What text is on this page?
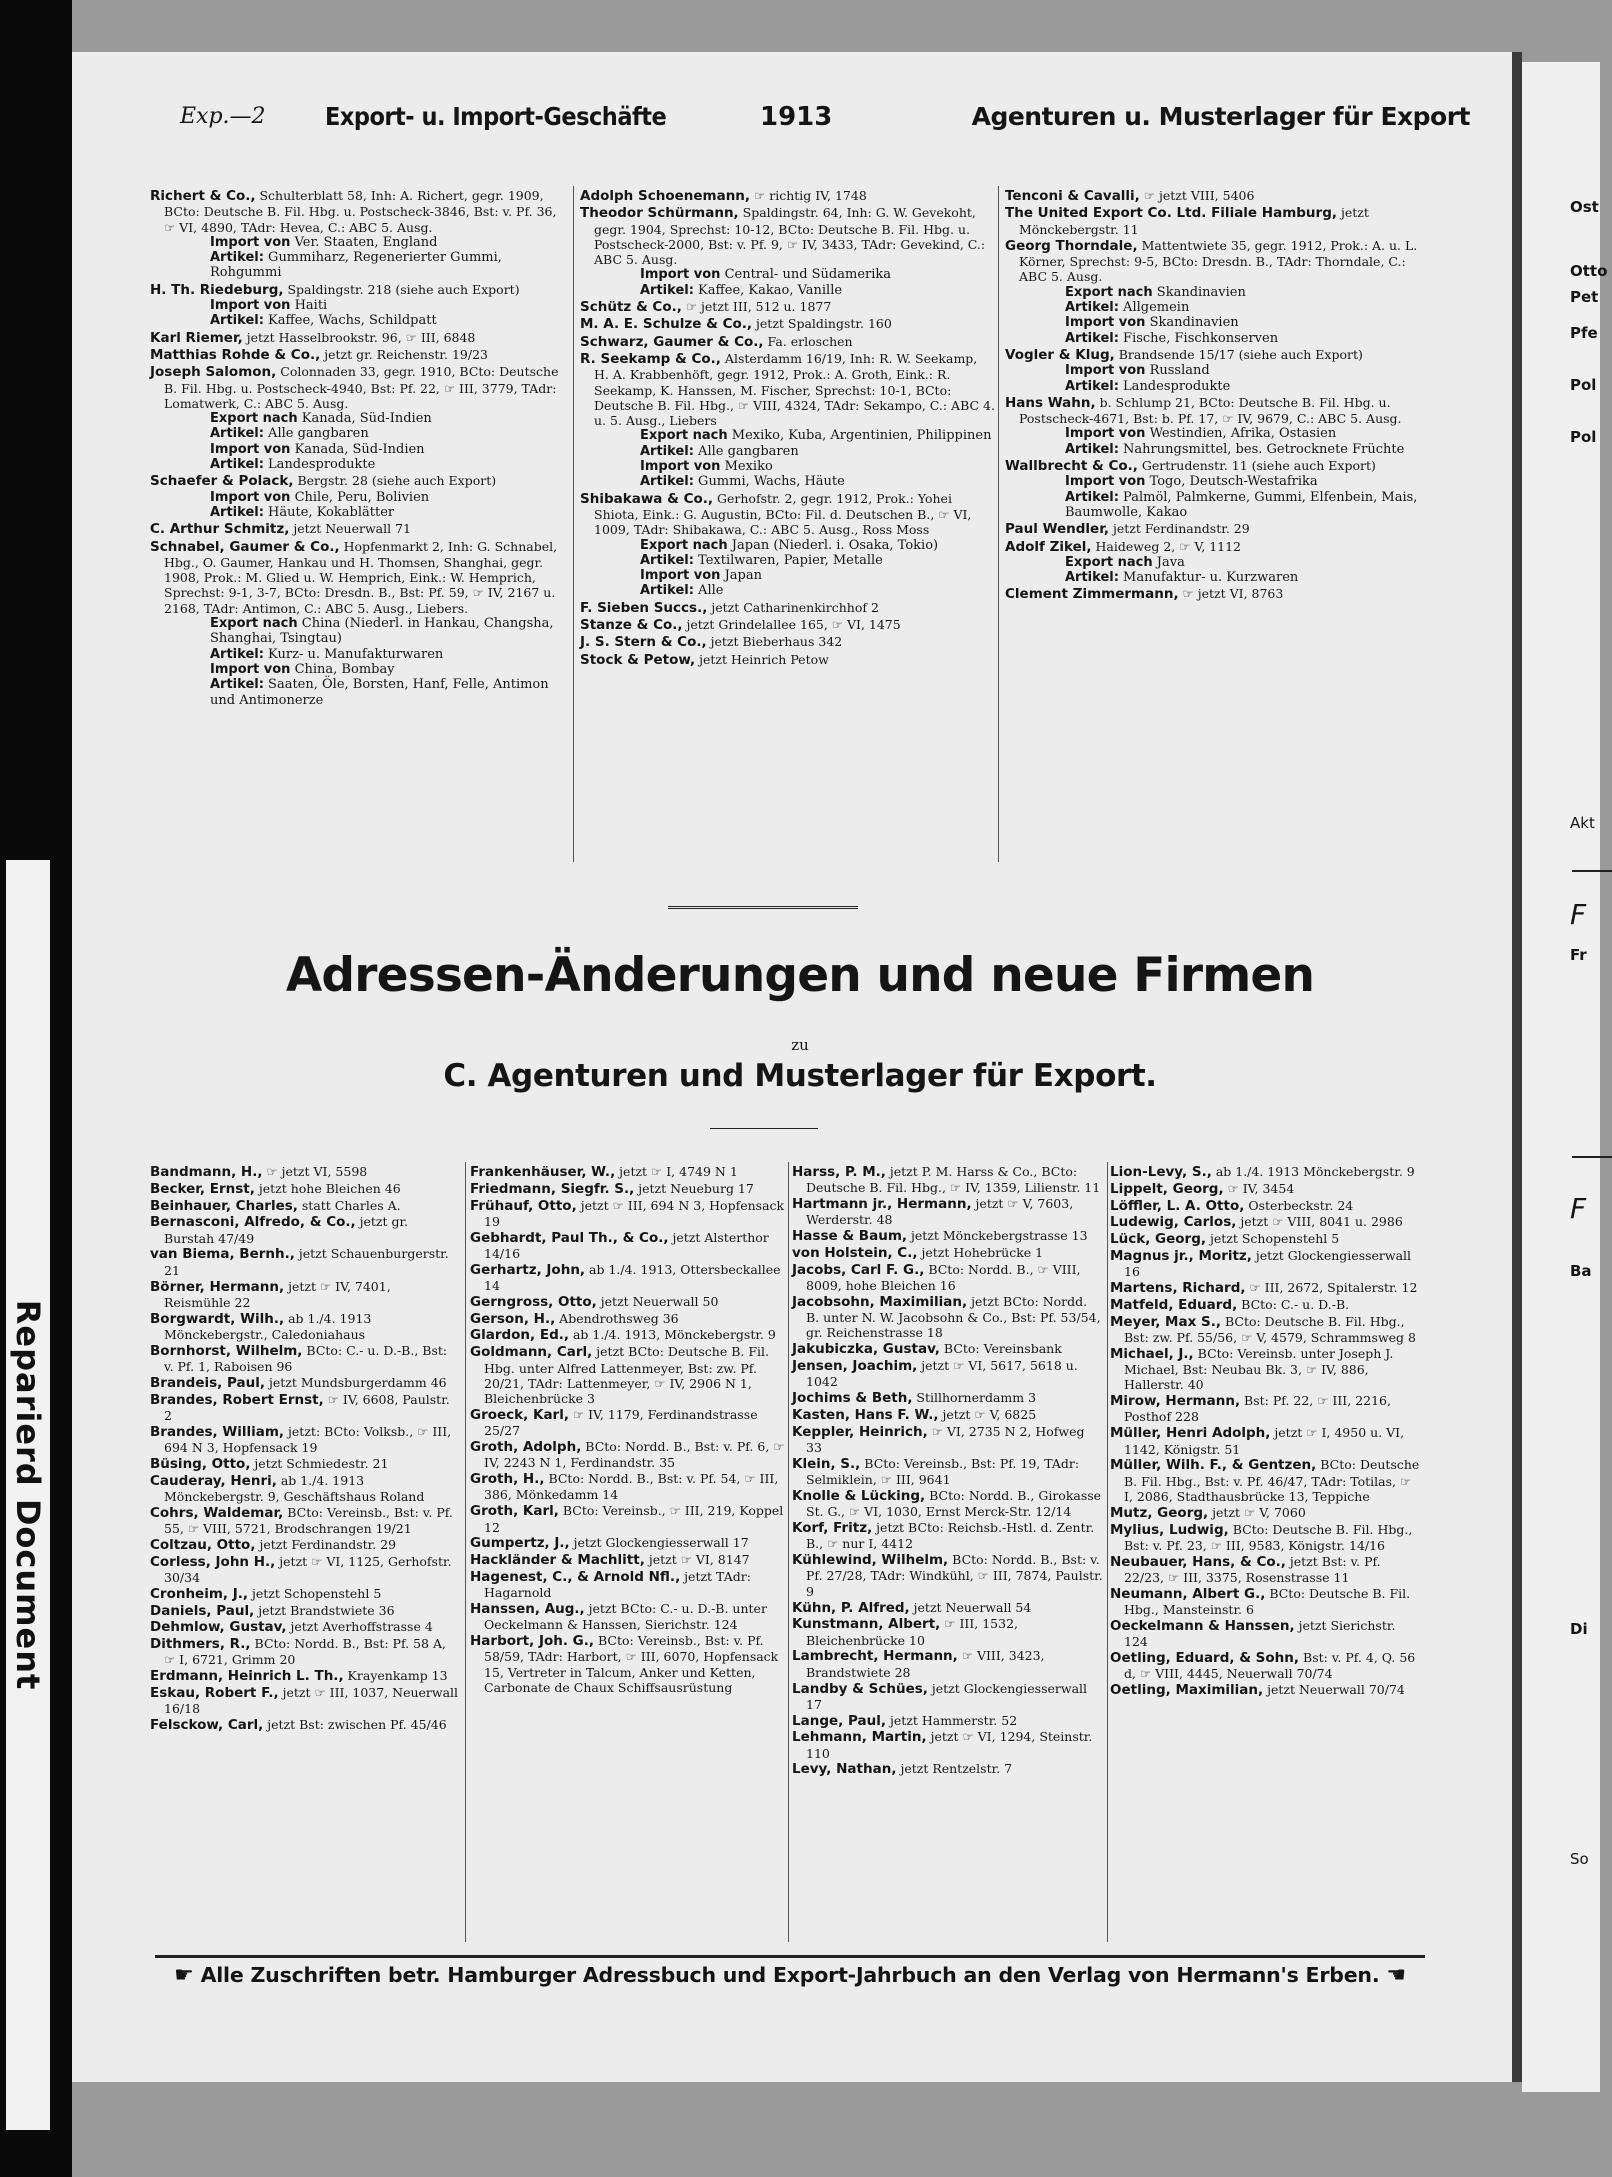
Reparierd Document
Ost
Otto
Pet
Pfe
Pol
Pol
Akt
F
Fr
F
Ba
Di
So
Exp.—2 Export- u. Import-Geschäfte	1913	Agenturen u. Musterlager für Export
Richert & Co., Schulterblatt 58, Inh: A. Richert, gegr. 1909, BCto: Deutsche B. Fil. Hbg. u. Postscheck-3846, Bst: v. Pf. 36, ☞ VI, 4890, TAdr: Hevea, C.: ABC 5. Ausg.
Import von Ver. Staaten, England
Artikel: Gummiharz, Regenerierter Gummi, Rohgummi
H. Th. Riedeburg, Spaldingstr. 218 (siehe auch Export)
Import von Haiti
Artikel: Kaffee, Wachs, Schildpatt
Karl Riemer, jetzt Hasselbrookstr. 96, ☞ III, 6848
Matthias Rohde & Co., jetzt gr. Reichenstr. 19/23
Joseph Salomon, Colonnaden 33, gegr. 1910, BCto: Deutsche B. Fil. Hbg. u. Postscheck-4940, Bst: Pf. 22, ☞ III, 3779, TAdr: Lomatwerk, C.: ABC 5. Ausg.
Export nach Kanada, Süd-Indien
Artikel: Alle gangbaren
Import von Kanada, Süd-Indien
Artikel: Landesprodukte
Schaefer & Polack, Bergstr. 28 (siehe auch Export)
Import von Chile, Peru, Bolivien
Artikel: Häute, Kokablätter
C. Arthur Schmitz, jetzt Neuerwall 71
Schnabel, Gaumer & Co., Hopfenmarkt 2, Inh: G. Schnabel, Hbg., O. Gaumer, Hankau und H. Thomsen, Shanghai, gegr. 1908, Prok.: M. Glied u. W. Hemprich, Eink.: W. Hemprich, Sprechst: 9-1, 3-7, BCto: Dresdn. B., Bst: Pf. 59, ☞ IV, 2167 u. 2168, TAdr: Antimon, C.: ABC 5. Ausg., Liebers.
Export nach China (Niederl. in Hankau, Changsha, Shanghai, Tsingtau)
Artikel: Kurz- u. Manufakturwaren
Import von China, Bombay
Artikel: Saaten, Öle, Borsten, Hanf, Felle, Antimon und Antimonerze
Adolph Schoenemann, ☞ richtig IV, 1748
Theodor Schürmann, Spaldingstr. 64, Inh: G. W. Gevekoht, gegr. 1904, Sprechst: 10-12, BCto: Deutsche B. Fil. Hbg. u. Postscheck-2000, Bst: v. Pf. 9, ☞ IV, 3433, TAdr: Gevekind, C.: ABC 5. Ausg.
Import von Central- und Südamerika
Artikel: Kaffee, Kakao, Vanille
Schütz & Co., ☞ jetzt III, 512 u. 1877
M. A. E. Schulze & Co., jetzt Spaldingstr. 160
Schwarz, Gaumer & Co., Fa. erloschen
R. Seekamp & Co., Alsterdamm 16/19, Inh: R. W. Seekamp, H. A. Krabbenhöft, gegr. 1912, Prok.: A. Groth, Eink.: R. Seekamp, K. Hanssen, M. Fischer, Sprechst: 10-1, BCto: Deutsche B. Fil. Hbg., ☞ VIII, 4324, TAdr: Sekampo, C.: ABC 4. u. 5. Ausg., Liebers
Export nach Mexiko, Kuba, Argentinien, Philippinen
Artikel: Alle gangbaren
Import von Mexiko
Artikel: Gummi, Wachs, Häute
Shibakawa & Co., Gerhofstr. 2, gegr. 1912, Prok.: Yohei Shiota, Eink.: G. Augustin, BCto: Fil. d. Deutschen B., ☞ VI, 1009, TAdr: Shibakawa, C.: ABC 5. Ausg., Ross Moss
Export nach Japan (Niederl. i. Osaka, Tokio)
Artikel: Textilwaren, Papier, Metalle
Import von Japan
Artikel: Alle
F. Sieben Succs., jetzt Catharinenkirchhof 2
Stanze & Co., jetzt Grindelallee 165, ☞ VI, 1475
J. S. Stern & Co., jetzt Bieberhaus 342
Stock & Petow, jetzt Heinrich Petow
Tenconi & Cavalli, ☞ jetzt VIII, 5406
The United Export Co. Ltd. Filiale Hamburg, jetzt Mönckebergstr. 11
Georg Thorndale, Mattentwiete 35, gegr. 1912, Prok.: A. u. L. Körner, Sprechst: 9-5, BCto: Dresdn. B., TAdr: Thorndale, C.: ABC 5. Ausg.
Export nach Skandinavien
Artikel: Allgemein
Import von Skandinavien
Artikel: Fische, Fischkonserven
Vogler & Klug, Brandsende 15/17 (siehe auch Export)
Import von Russland
Artikel: Landesprodukte
Hans Wahn, b. Schlump 21, BCto: Deutsche B. Fil. Hbg. u. Postscheck-4671, Bst: b. Pf. 17, ☞ IV, 9679, C.: ABC 5. Ausg.
Import von Westindien, Afrika, Ostasien
Artikel: Nahrungsmittel, bes. Getrocknete Früchte
Wallbrecht & Co., Gertrudenstr. 11 (siehe auch Export)
Import von Togo, Deutsch-Westafrika
Artikel: Palmöl, Palmkerne, Gummi, Elfenbein, Mais, Baumwolle, Kakao
Paul Wendler, jetzt Ferdinandstr. 29
Adolf Zikel, Haideweg 2, ☞ V, 1112
Export nach Java
Artikel: Manufaktur- u. Kurzwaren
Clement Zimmermann, ☞ jetzt VI, 8763
Adressen-Änderungen und neue Firmen
zu
C. Agenturen und Musterlager für Export.
Bandmann, H., ☞ jetzt VI, 5598
Becker, Ernst, jetzt hohe Bleichen 46
Beinhauer, Charles, statt Charles A.
Bernasconi, Alfredo, & Co., jetzt gr. Burstah 47/49
van Biema, Bernh., jetzt Schauenburgerstr. 21
Börner, Hermann, jetzt ☞ IV, 7401, Reismühle 22
Borgwardt, Wilh., ab 1./4. 1913 Mönckebergstr., Caledoniahaus
Bornhorst, Wilhelm, BCto: C.- u. D.-B., Bst: v. Pf. 1, Raboisen 96
Brandeis, Paul, jetzt Mundsburgerdamm 46
Brandes, Robert Ernst, ☞ IV, 6608, Paulstr. 2
Brandes, William, jetzt: BCto: Volksb., ☞ III, 694 N 3, Hopfensack 19
Büsing, Otto, jetzt Schmiedestr. 21
Cauderay, Henri, ab 1./4. 1913 Mönckebergstr. 9, Geschäftshaus Roland
Cohrs, Waldemar, BCto: Vereinsb., Bst: v. Pf. 55, ☞ VIII, 5721, Brodschrangen 19/21
Coltzau, Otto, jetzt Ferdinandstr. 29
Corless, John H., jetzt ☞ VI, 1125, Gerhofstr. 30/34
Cronheim, J., jetzt Schopenstehl 5
Daniels, Paul, jetzt Brandstwiete 36
Dehmlow, Gustav, jetzt Averhoffstrasse 4
Dithmers, R., BCto: Nordd. B., Bst: Pf. 58 A, ☞ I, 6721, Grimm 20
Erdmann, Heinrich L. Th., Krayenkamp 13
Eskau, Robert F., jetzt ☞ III, 1037, Neuerwall 16/18
Felsckow, Carl, jetzt Bst: zwischen Pf. 45/46
Frankenhäuser, W., jetzt ☞ I, 4749 N 1
Friedmann, Siegfr. S., jetzt Neueburg 17
Frühauf, Otto, jetzt ☞ III, 694 N 3, Hopfensack 19
Gebhardt, Paul Th., & Co., jetzt Alsterthor 14/16
Gerhartz, John, ab 1./4. 1913, Ottersbeckallee 14
Gerngross, Otto, jetzt Neuerwall 50
Gerson, H., Abendrothsweg 36
Glardon, Ed., ab 1./4. 1913, Mönckebergstr. 9
Goldmann, Carl, jetzt BCto: Deutsche B. Fil. Hbg. unter Alfred Lattenmeyer, Bst: zw. Pf. 20/21, TAdr: Lattenmeyer, ☞ IV, 2906 N 1, Bleichenbrücke 3
Groeck, Karl, ☞ IV, 1179, Ferdinandstrasse 25/27
Groth, Adolph, BCto: Nordd. B., Bst: v. Pf. 6, ☞ IV, 2243 N 1, Ferdinandstr. 35
Groth, H., BCto: Nordd. B., Bst: v. Pf. 54, ☞ III, 386, Mönkedamm 14
Groth, Karl, BCto: Vereinsb., ☞ III, 219, Koppel 12
Gumpertz, J., jetzt Glockengiesserwall 17
Hackländer & Machlitt, jetzt ☞ VI, 8147
Hagenest, C., & Arnold Nfl., jetzt TAdr: Hagarnold
Hanssen, Aug., jetzt BCto: C.- u. D.-B. unter Oeckelmann & Hanssen, Sierichstr. 124
Harbort, Joh. G., BCto: Vereinsb., Bst: v. Pf. 58/59, TAdr: Harbort, ☞ III, 6070, Hopfensack 15, Vertreter in Talcum, Anker und Ketten, Carbonate de Chaux Schiffsausrüstung
Harss, P. M., jetzt P. M. Harss & Co., BCto: Deutsche B. Fil. Hbg., ☞ IV, 1359, Lilienstr. 11
Hartmann jr., Hermann, jetzt ☞ V, 7603, Werderstr. 48
Hasse & Baum, jetzt Mönckebergstrasse 13
von Holstein, C., jetzt Hohebrücke 1
Jacobs, Carl F. G., BCto: Nordd. B., ☞ VIII, 8009, hohe Bleichen 16
Jacobsohn, Maximilian, jetzt BCto: Nordd. B. unter N. W. Jacobsohn & Co., Bst: Pf. 53/54, gr. Reichenstrasse 18
Jakubiczka, Gustav, BCto: Vereinsbank
Jensen, Joachim, jetzt ☞ VI, 5617, 5618 u. 1042
Jochims & Beth, Stillhornerdamm 3
Kasten, Hans F. W., jetzt ☞ V, 6825
Keppler, Heinrich, ☞ VI, 2735 N 2, Hofweg 33
Klein, S., BCto: Vereinsb., Bst: Pf. 19, TAdr: Selmiklein, ☞ III, 9641
Knolle & Lücking, BCto: Nordd. B., Girokasse St. G., ☞ VI, 1030, Ernst Merck-Str. 12/14
Korf, Fritz, jetzt BCto: Reichsb.-Hstl. d. Zentr. B., ☞ nur I, 4412
Kühlewind, Wilhelm, BCto: Nordd. B., Bst: v. Pf. 27/28, TAdr: Windkühl, ☞ III, 7874, Paulstr. 9
Kühn, P. Alfred, jetzt Neuerwall 54
Kunstmann, Albert, ☞ III, 1532, Bleichenbrücke 10
Lambrecht, Hermann, ☞ VIII, 3423, Brandstwiete 28
Landby & Schües, jetzt Glockengiesserwall 17
Lange, Paul, jetzt Hammerstr. 52
Lehmann, Martin, jetzt ☞ VI, 1294, Steinstr. 110
Levy, Nathan, jetzt Rentzelstr. 7
Lion-Levy, S., ab 1./4. 1913 Mönckebergstr. 9
Lippelt, Georg, ☞ IV, 3454
Löffler, L. A. Otto, Osterbeckstr. 24
Ludewig, Carlos, jetzt ☞ VIII, 8041 u. 2986
Lück, Georg, jetzt Schopenstehl 5
Magnus jr., Moritz, jetzt Glockengiesserwall 16
Martens, Richard, ☞ III, 2672, Spitalerstr. 12
Matfeld, Eduard, BCto: C.- u. D.-B.
Meyer, Max S., BCto: Deutsche B. Fil. Hbg., Bst: zw. Pf. 55/56, ☞ V, 4579, Schrammsweg 8
Michael, J., BCto: Vereinsb. unter Joseph J. Michael, Bst: Neubau Bk. 3, ☞ IV, 886, Hallerstr. 40
Mirow, Hermann, Bst: Pf. 22, ☞ III, 2216, Posthof 228
Müller, Henri Adolph, jetzt ☞ I, 4950 u. VI, 1142, Königstr. 51
Müller, Wilh. F., & Gentzen, BCto: Deutsche B. Fil. Hbg., Bst: v. Pf. 46/47, TAdr: Totilas, ☞ I, 2086, Stadthausbrücke 13, Teppiche
Mutz, Georg, jetzt ☞ V, 7060
Mylius, Ludwig, BCto: Deutsche B. Fil. Hbg., Bst: v. Pf. 23, ☞ III, 9583, Königstr. 14/16
Neubauer, Hans, & Co., jetzt Bst: v. Pf. 22/23, ☞ III, 3375, Rosenstrasse 11
Neumann, Albert G., BCto: Deutsche B. Fil. Hbg., Mansteinstr. 6
Oeckelmann & Hanssen, jetzt Sierichstr. 124
Oetling, Eduard, & Sohn, Bst: v. Pf. 4, Q. 56 d, ☞ VIII, 4445, Neuerwall 70/74
Oetling, Maximilian, jetzt Neuerwall 70/74
☛ Alle Zuschriften betr. Hamburger Adressbuch und Export-Jahrbuch an den Verlag von Hermann's Erben. ☚
